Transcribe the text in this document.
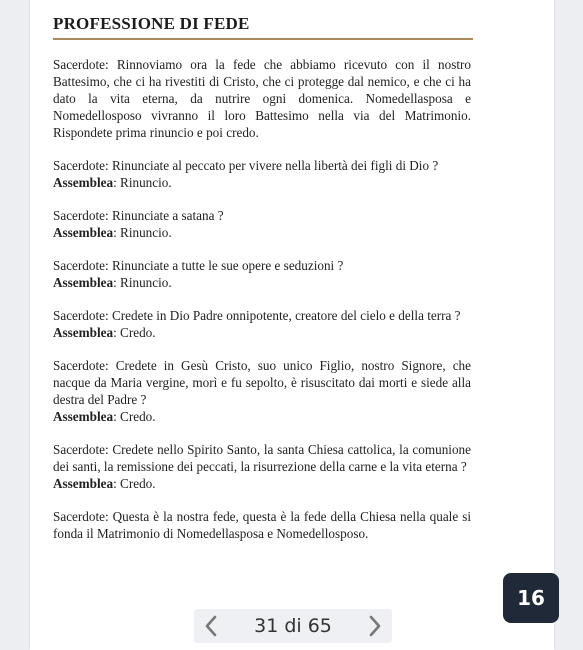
PROFESSIONE DI FEDE

Sacerdote: Rinnoviamo ora la fede che abbiamo ricevuto con il nostro Battesimo, che ci ha rivestiti di Cristo, che ci protegge dal nemico, e che ci ha dato la vita eterna, da nutrire ogni domenica. Nomedellasposa e Nomedellosposo vivranno il loro Battesimo nella via del Matrimonio. Rispondete prima rinuncio e poi credo.

Sacerdote: Rinunciate al peccato per vivere nella libertà dei figli di Dio ?

Assemblea: Rinuncio.

Sacerdote: Rinunciate a satana ?

Assemblea: Rinuncio.

Sacerdote: Rinunciate a tutte le sue opere e seduzioni ?

Assemblea: Rinuncio.

Sacerdote: Credete in Dio Padre onnipotente, creatore del cielo e della terra ?

Assemblea: Credo.

Sacerdote: Credete in Gesù Cristo, suo unico Figlio, nostro Signore, che nacque da Maria vergine, morì e fu sepolto, è risuscitato dai morti e siede alla destra del Padre ?

Assemblea: Credo.

Sacerdote: Credete nello Spirito Santo, la santa Chiesa cattolica, la comunione dei santi, la remissione dei peccati, la risurrezione della carne e la vita eterna ?

Assemblea: Credo.

Sacerdote: Questa è la nostra fede, questa è la fede della Chiesa nella quale si fonda il Matrimonio di Nomedellasposa e Nomedellosposo.

31 di 65
16
